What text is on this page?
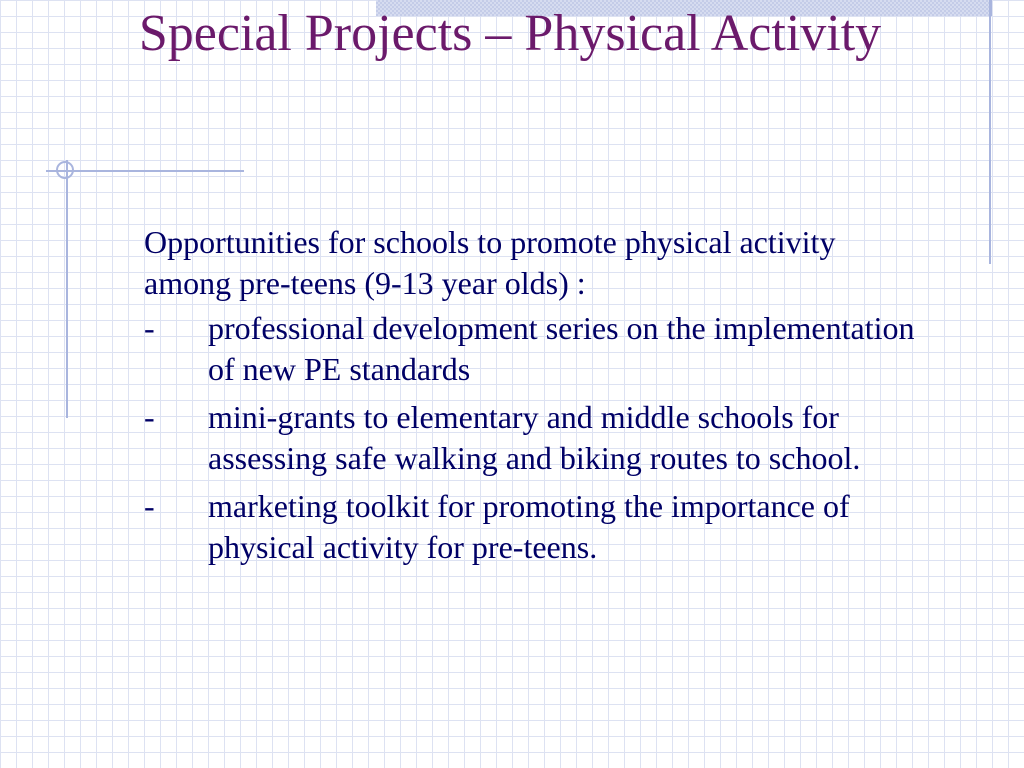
Special Projects – Physical Activity

Opportunities for schools to promote physical activity among pre-teens (9-13 year olds) :

- professional development series on the implementation of new PE standards
- mini-grants to elementary and middle schools for assessing safe walking and biking routes to school.
- marketing toolkit for promoting the importance of physical activity for pre-teens.
